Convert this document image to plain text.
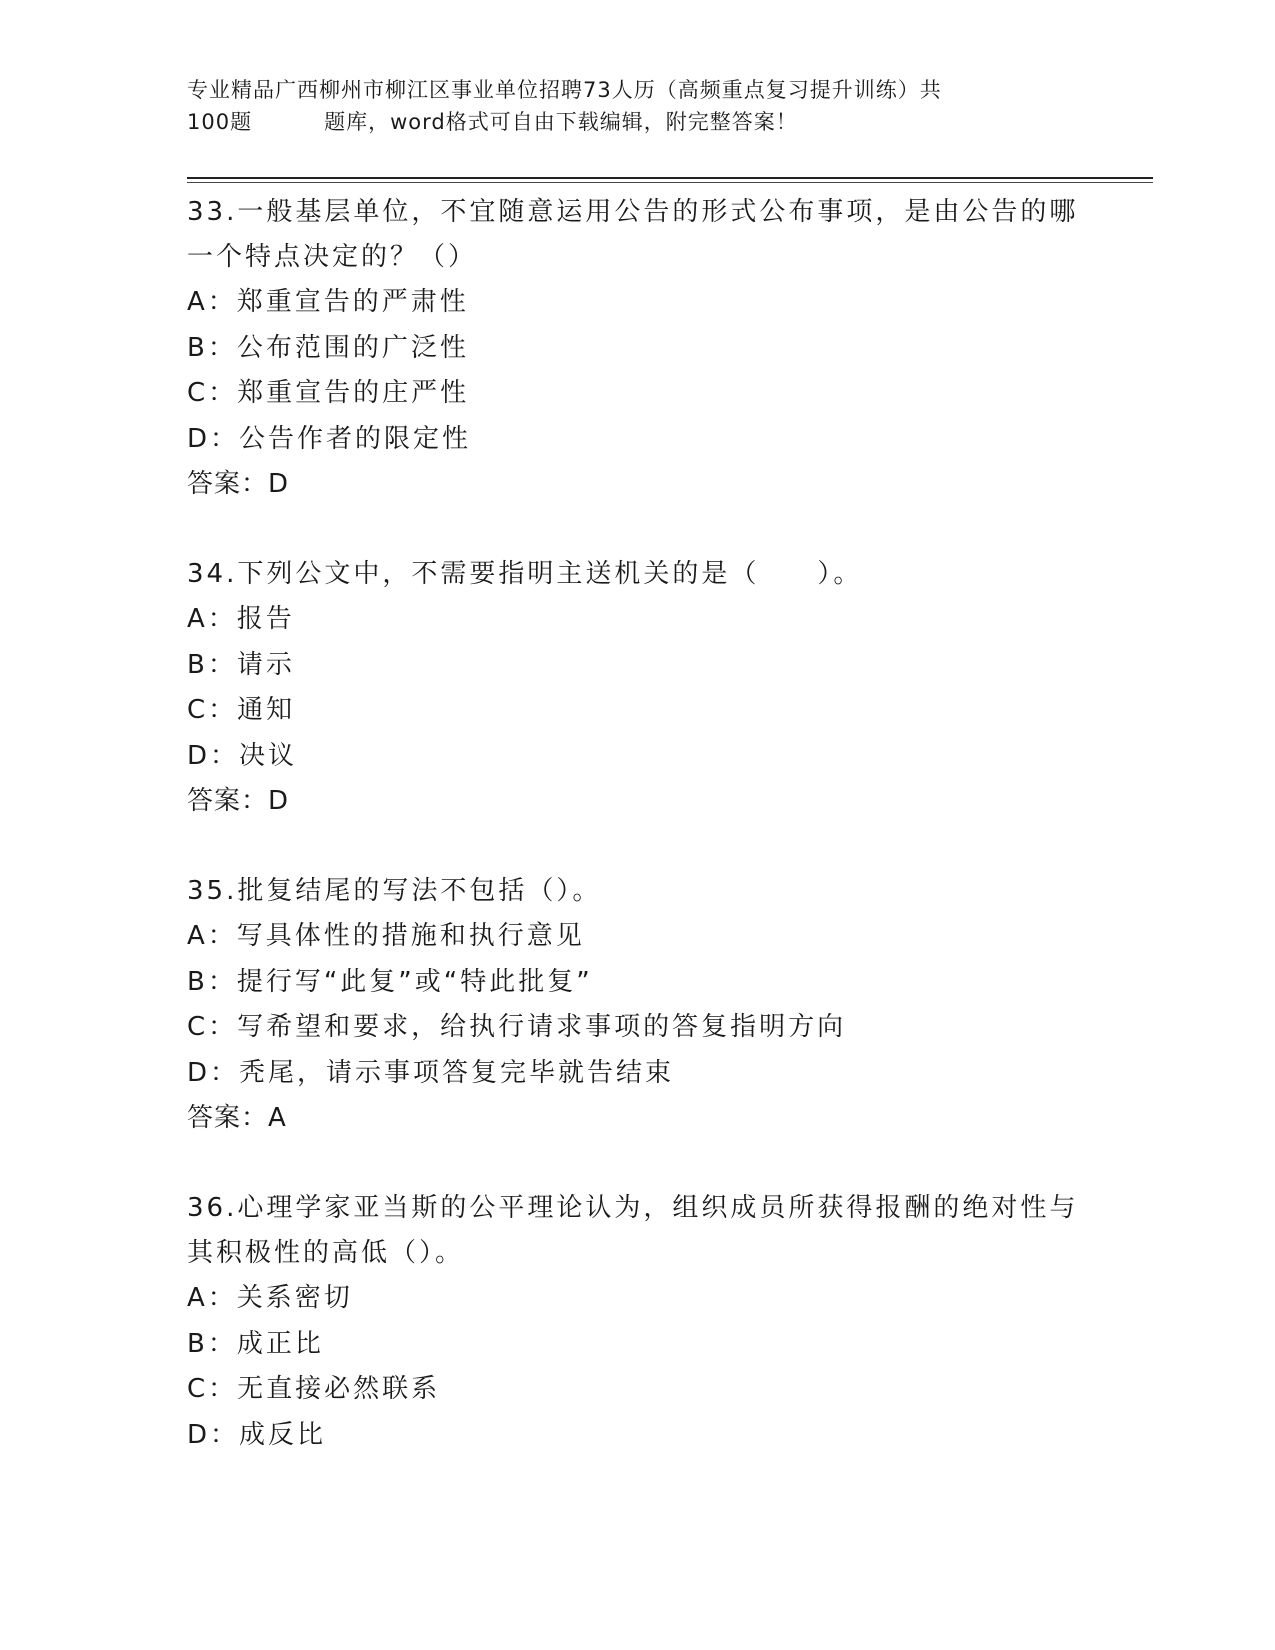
专业精品广西柳州市柳江区事业单位招聘73人历（高频重点复习提升训练）共
100题	题库，word格式可自由下载编辑，附完整答案！
33.一般基层单位，不宜随意运用公告的形式公布事项，是由公告的哪
一个特点决定的？（）
A：郑重宣告的严肃性
B：公布范围的广泛性
C：郑重宣告的庄严性
D：公告作者的限定性
答案：D
34.下列公文中，不需要指明主送机关的是（　　）。
A：报告
B：请示
C：通知
D：决议
答案：D
35.批复结尾的写法不包括（）。
A：写具体性的措施和执行意见
B：提行写“此复”或“特此批复”
C：写希望和要求，给执行请求事项的答复指明方向
D：秃尾，请示事项答复完毕就告结束
答案：A
36.心理学家亚当斯的公平理论认为，组织成员所获得报酬的绝对性与
其积极性的高低（）。
A：关系密切
B：成正比
C：无直接必然联系
D：成反比
